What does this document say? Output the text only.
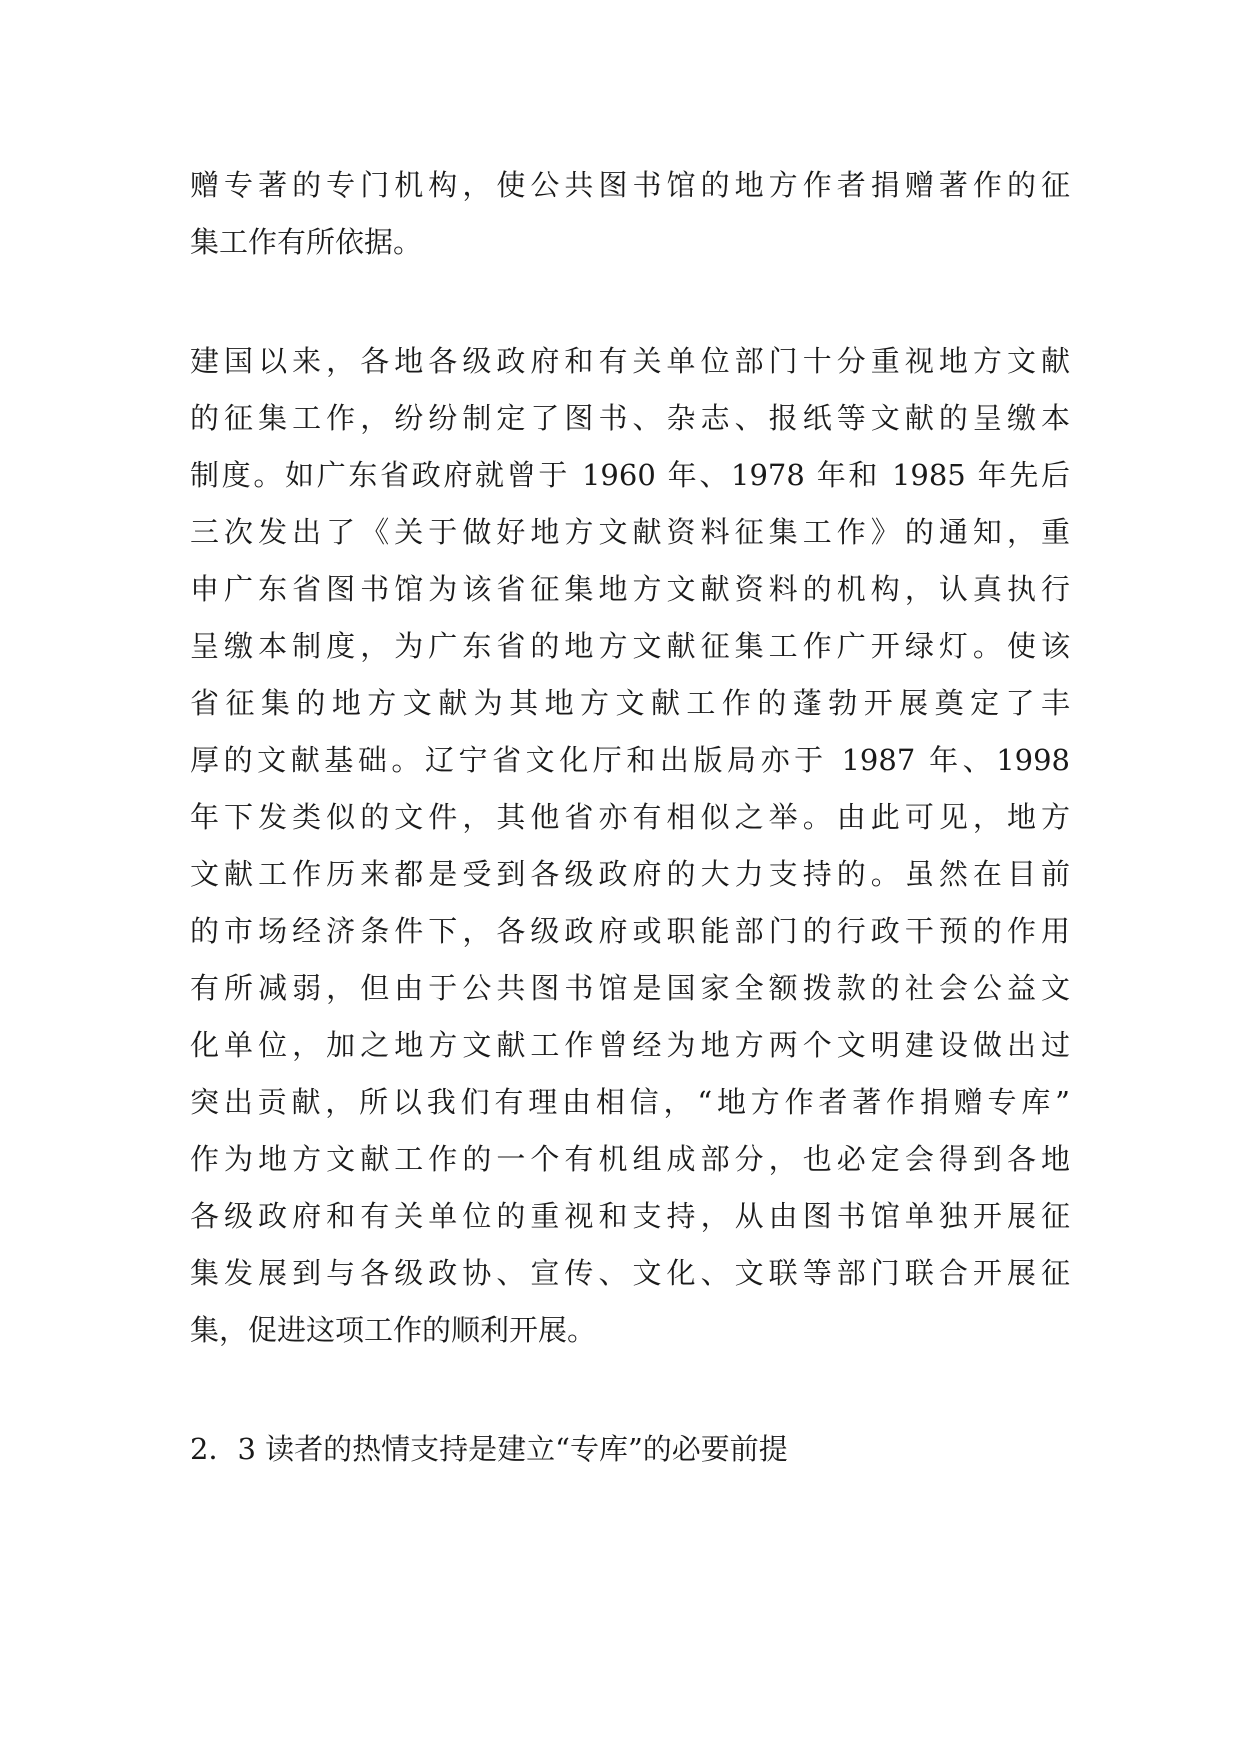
赠专著的专门机构，使公共图书馆的地方作者捐赠著作的征
集工作有所依据。
建国以来，各地各级政府和有关单位部门十分重视地方文献
的征集工作，纷纷制定了图书、杂志、报纸等文献的呈缴本
制度。如广东省政府就曾于 1960 年、1978 年和 1985 年先后
三次发出了《关于做好地方文献资料征集工作》的通知，重
申广东省图书馆为该省征集地方文献资料的机构，认真执行
呈缴本制度，为广东省的地方文献征集工作广开绿灯。使该
省征集的地方文献为其地方文献工作的蓬勃开展奠定了丰
厚的文献基础。辽宁省文化厅和出版局亦于 1987 年、1998
年下发类似的文件，其他省亦有相似之举。由此可见，地方
文献工作历来都是受到各级政府的大力支持的。虽然在目前
的市场经济条件下，各级政府或职能部门的行政干预的作用
有所减弱，但由于公共图书馆是国家全额拨款的社会公益文
化单位，加之地方文献工作曾经为地方两个文明建设做出过
突出贡献，所以我们有理由相信，“地方作者著作捐赠专库”
作为地方文献工作的一个有机组成部分，也必定会得到各地
各级政府和有关单位的重视和支持，从由图书馆单独开展征
集发展到与各级政协、宣传、文化、文联等部门联合开展征
集，促进这项工作的顺利开展。
2．3 读者的热情支持是建立“专库”的必要前提
